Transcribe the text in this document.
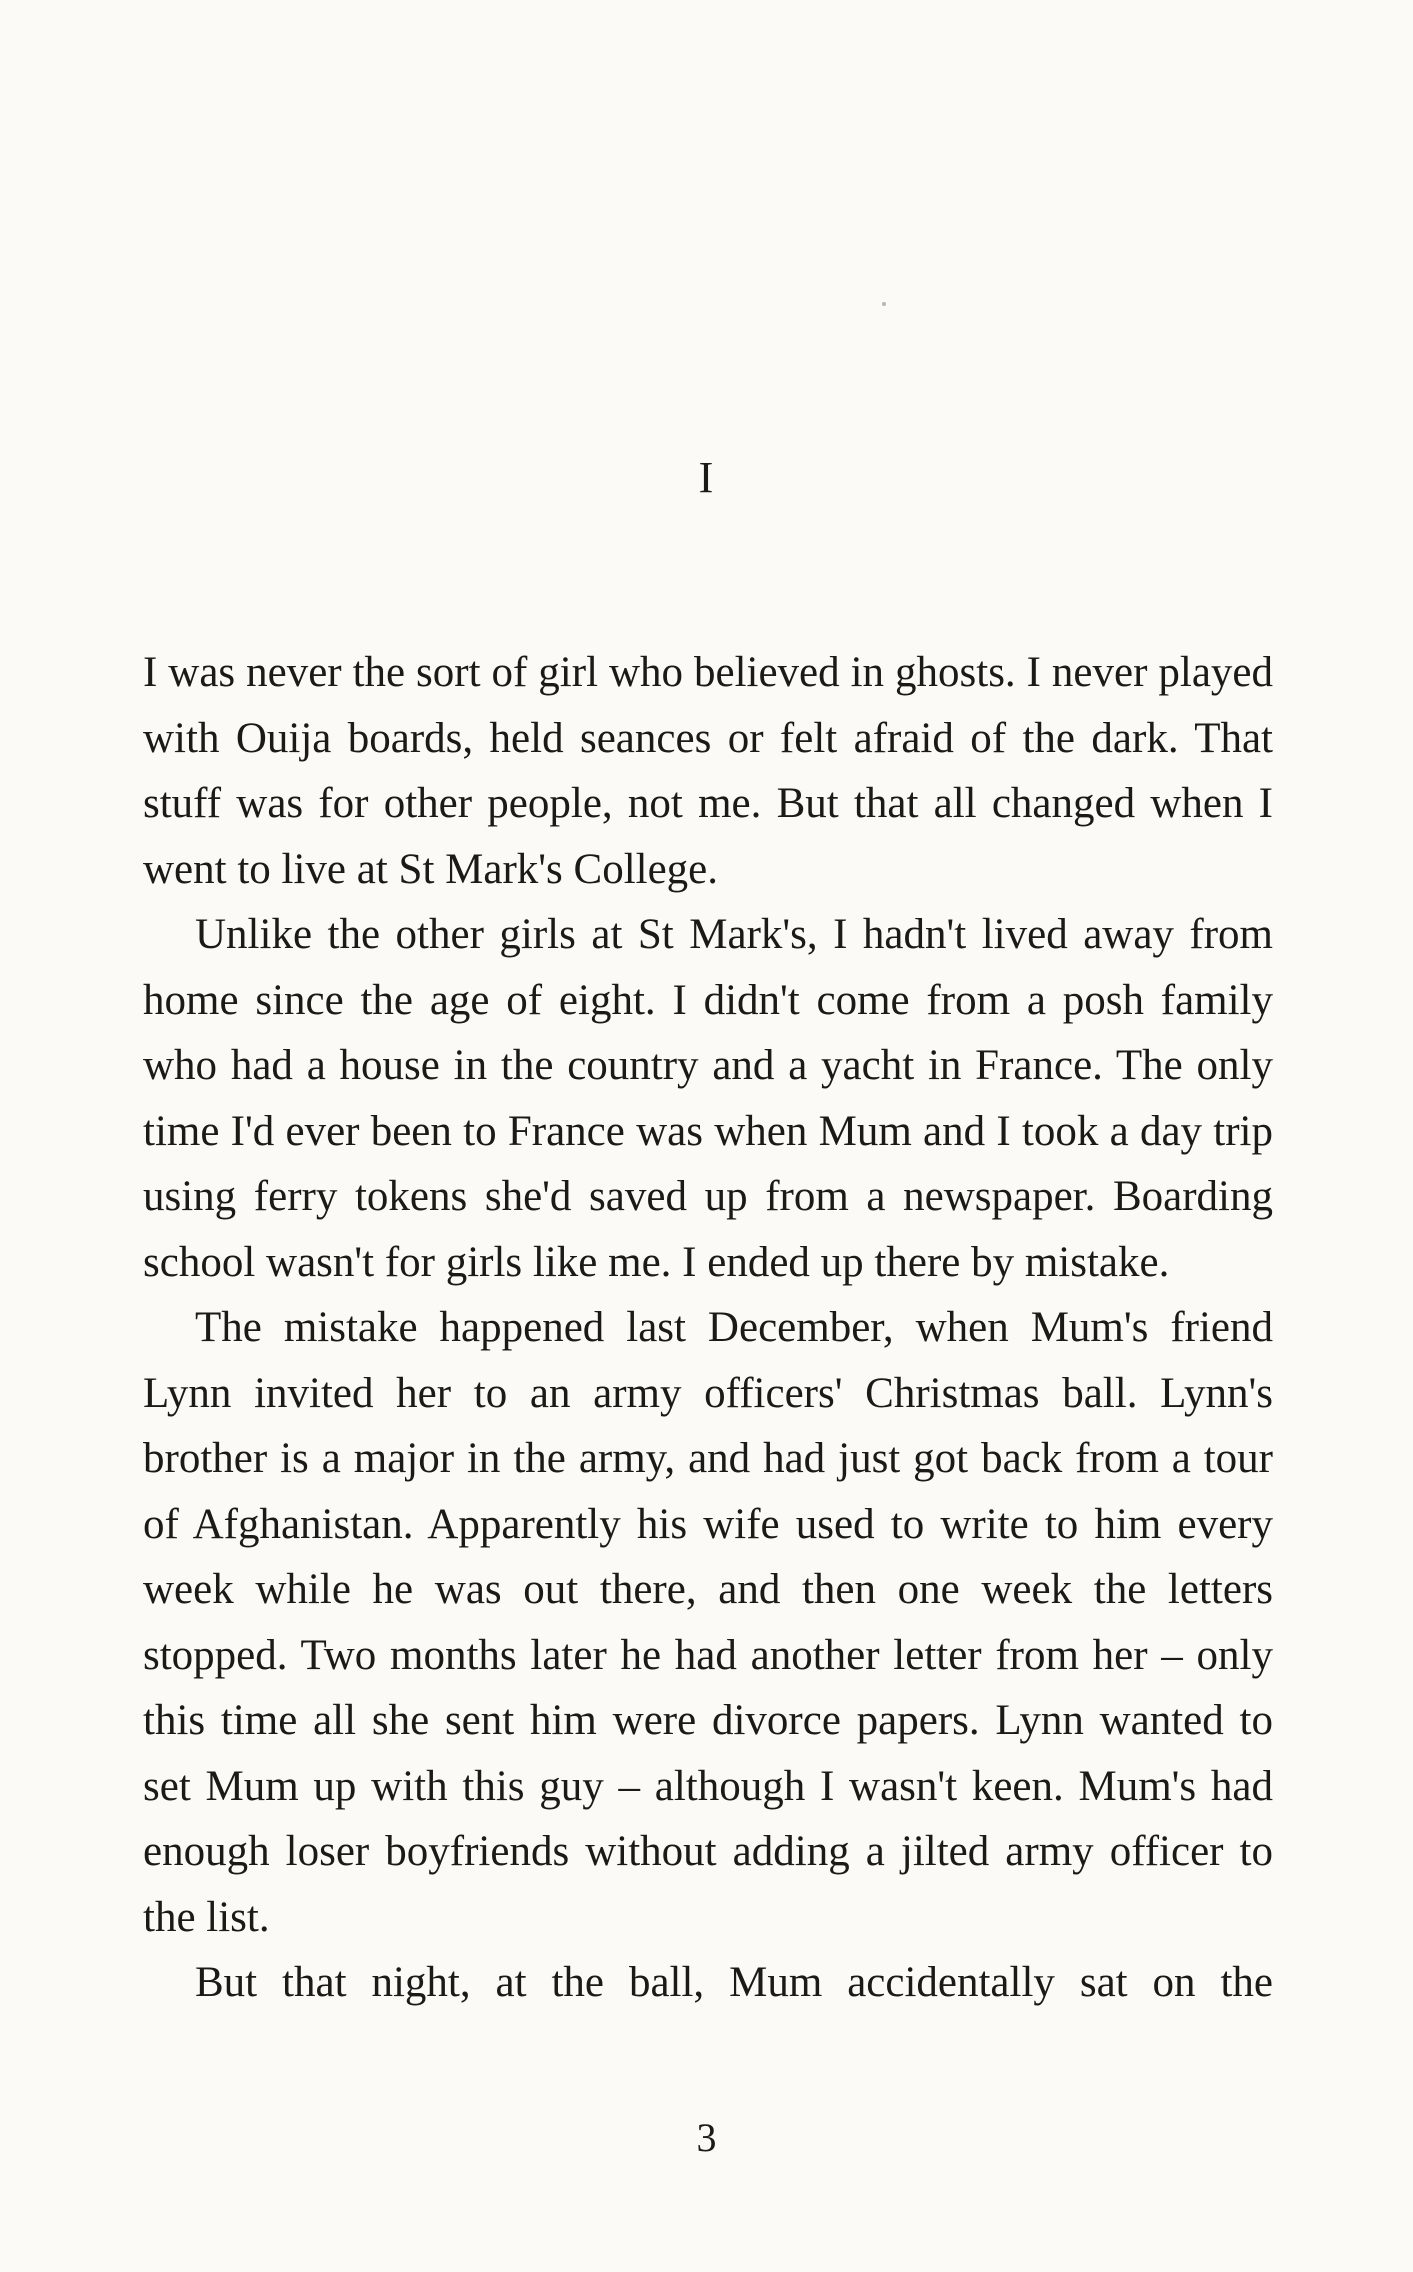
I

I was never the sort of girl who believed in ghosts. I never played with Ouija boards, held seances or felt afraid of the dark. That stuff was for other people, not me. But that all changed when I went to live at St Mark's College.

Unlike the other girls at St Mark's, I hadn't lived away from home since the age of eight. I didn't come from a posh family who had a house in the country and a yacht in France. The only time I'd ever been to France was when Mum and I took a day trip using ferry tokens she'd saved up from a newspaper. Boarding school wasn't for girls like me. I ended up there by mistake.

The mistake happened last December, when Mum's friend Lynn invited her to an army officers' Christmas ball. Lynn's brother is a major in the army, and had just got back from a tour of Afghanistan. Apparently his wife used to write to him every week while he was out there, and then one week the letters stopped. Two months later he had another letter from her – only this time all she sent him were divorce papers. Lynn wanted to set Mum up with this guy – although I wasn't keen. Mum's had enough loser boyfriends without adding a jilted army officer to the list.

But that night, at the ball, Mum accidentally sat on the

3
